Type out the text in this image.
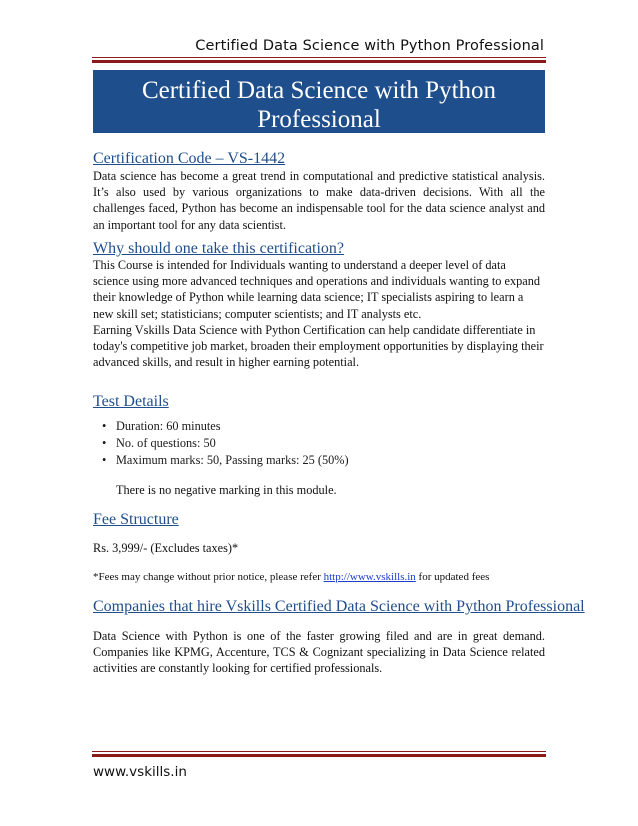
Certified Data Science with Python Professional
Certified Data Science with Python
Professional
Certification Code – VS-1442
Data science has become a great trend in computational and predictive statistical analysis. It’s also used by various organizations to make data-driven decisions. With all the challenges faced, Python has become an indispensable tool for the data science analyst and an important tool for any data scientist.
Why should one take this certification?
This Course is intended for Individuals wanting to understand a deeper level of data science using more advanced techniques and operations and individuals wanting to expand their knowledge of Python while learning data science; IT specialists aspiring to learn a new skill set; statisticians; computer scientists; and IT analysts etc.
Earning Vskills Data Science with Python Certification can help candidate differentiate in today's competitive job market, broaden their employment opportunities by displaying their advanced skills, and result in higher earning potential.
Test Details
• Duration: 60 minutes
• No. of questions: 50
• Maximum marks: 50, Passing marks: 25 (50%)
There is no negative marking in this module.
Fee Structure
Rs. 3,999/- (Excludes taxes)*
*Fees may change without prior notice, please refer http://www.vskills.in for updated fees
Companies that hire Vskills Certified Data Science with Python Professional
Data Science with Python is one of the faster growing filed and are in great demand. Companies like KPMG, Accenture, TCS & Cognizant specializing in Data Science related activities are constantly looking for certified professionals.
www.vskills.in
